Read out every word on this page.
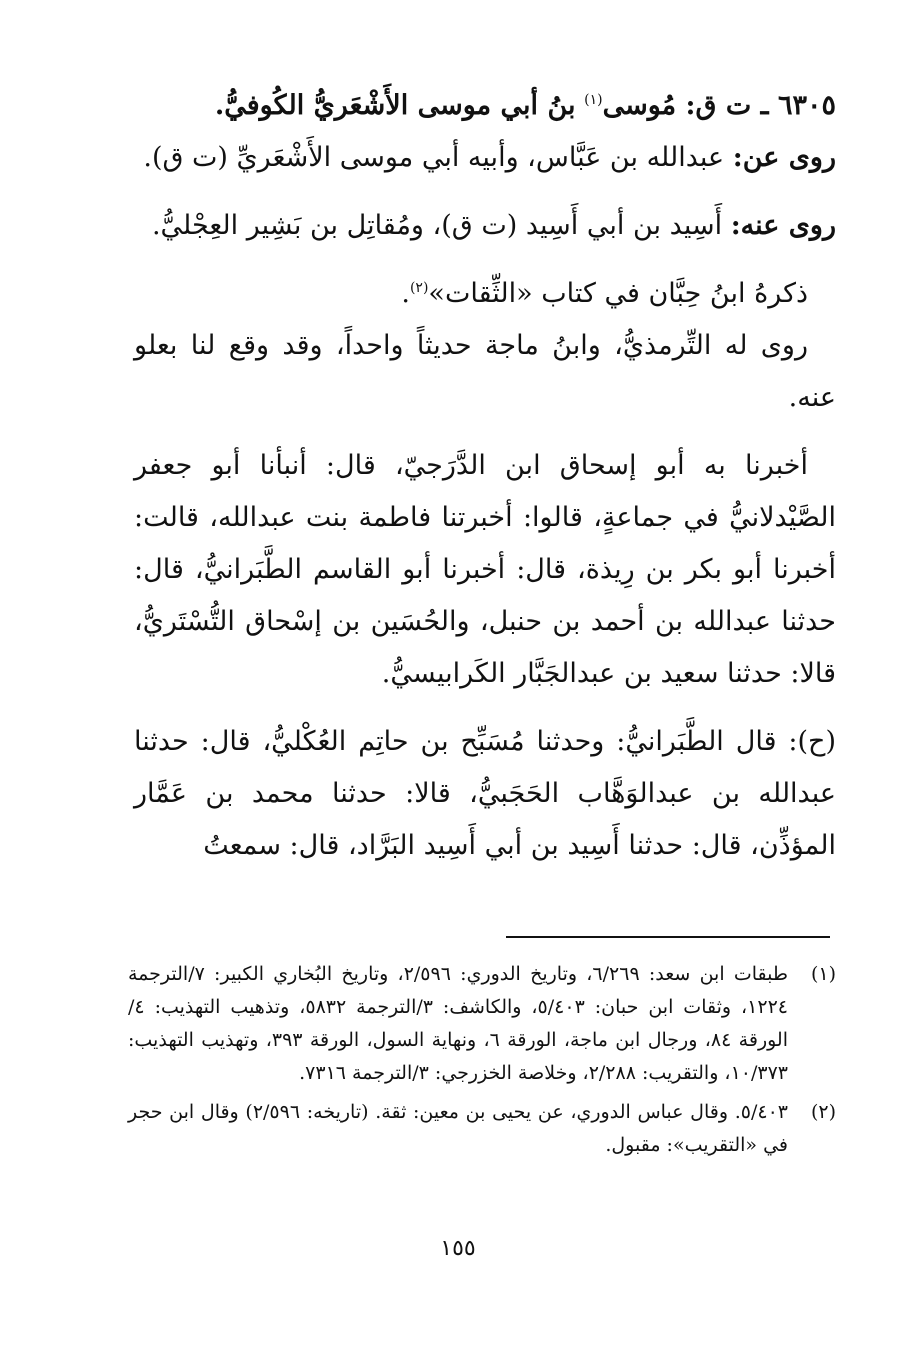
٦٣٠٥ ـ ت ق: مُوسى$^{(١)}$ بنُ أبي موسى الأَشْعَريُّ الكُوفيُّ.

روى عن: عبدالله بن عَبَّاس، وأبيه أبي موسى الأَشْعَريِّ (ت ق).

روى عنه: أَسِيد بن أبي أَسِيد (ت ق)، ومُقاتِل بن بَشِير العِجْليُّ.

ذكرهُ ابنُ حِبَّان في كتاب «الثِّقات»$^{(٢)}$.

روى له التِّرمذيُّ، وابنُ ماجة حديثاً واحداً، وقد وقع لنا بعلو عنه.

أخبرنا به أبو إسحاق ابن الدَّرَجيّ، قال: أنبأنا أبو جعفر الصَّيْدلانيُّ في جماعةٍ، قالوا: أخبرتنا فاطمة بنت عبدالله، قالت: أخبرنا أبو بكر بن رِيذة، قال: أخبرنا أبو القاسم الطَّبَرانيُّ، قال: حدثنا عبدالله بن أحمد بن حنبل، والحُسَين بن إسْحاق التُّسْتَريُّ، قالا: حدثنا سعيد بن عبدالجَبَّار الكَرابيسيُّ.

(ح): قال الطَّبَرانيُّ: وحدثنا مُسَبِّح بن حاتِم العُكْليُّ، قال: حدثنا عبدالله بن عبدالوَهَّاب الحَجَبيُّ، قالا: حدثنا محمد بن عَمَّار المؤذِّن، قال: حدثنا أَسِيد بن أبي أَسِيد البَرَّاد، قال: سمعتُ

(١)
طبقات ابن سعد: ٦/٢٦٩، وتاريخ الدوري: ٢/٥٩٦، وتاريخ البُخاري الكبير: ٧/الترجمة ١٢٢٤، وثقات ابن حبان: ٥/٤٠٣، والكاشف: ٣/الترجمة ٥٨٣٢، وتذهيب التهذيب: ٤/الورقة ٨٤، ورجال ابن ماجة، الورقة ٦، ونهاية السول، الورقة ٣٩٣، وتهذيب التهذيب: ١٠/٣٧٣، والتقريب: ٢/٢٨٨، وخلاصة الخزرجي: ٣/الترجمة ٧٣١٦.
(٢)
٥/٤٠٣. وقال عباس الدوري، عن يحيى بن معين: ثقة. (تاريخه: ٢/٥٩٦) وقال ابن حجر في «التقريب»: مقبول.
١٥٥
